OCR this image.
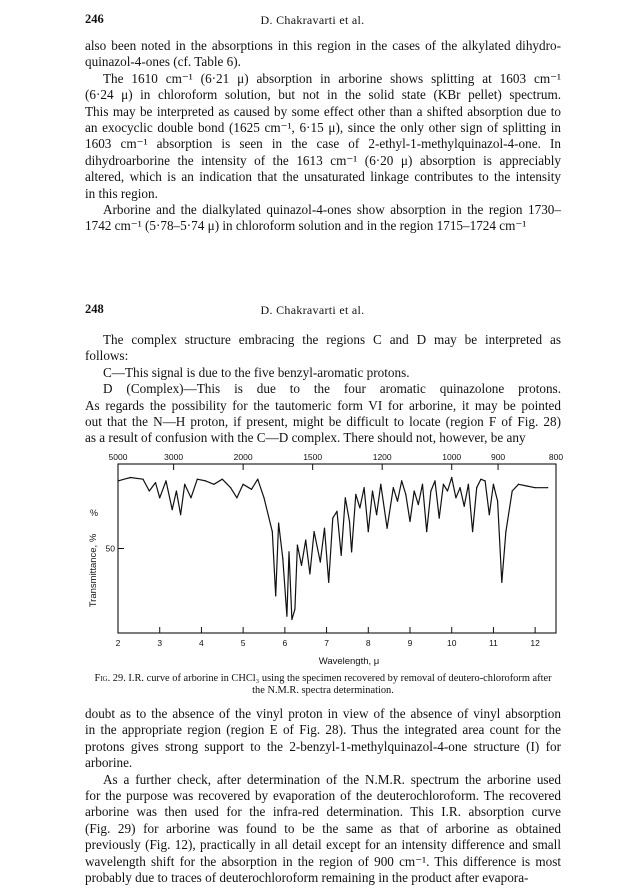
246	D. Chakravarti et al.

also been noted in the absorptions in this region in the cases of the alkylated dihydro-

quinazol-4-ones (cf. Table 6).

The 1610 cm⁻¹ (6·21 μ) absorption in arborine shows splitting at 1603 cm⁻¹

(6·24 μ) in chloroform solution, but not in the solid state (KBr pellet) spectrum.

This may be interpreted as caused by some effect other than a shifted absorption due to

an exocyclic double bond (1625 cm⁻¹, 6·15 μ), since the only other sign of splitting in

1603 cm⁻¹ absorption is seen in the case of 2-ethyl-1-methylquinazol-4-one. In

dihydroarborine the intensity of the 1613 cm⁻¹ (6·20 μ) absorption is appreciably

altered, which is an indication that the unsaturated linkage contributes to the intensity

in this region.

Arborine and the dialkylated quinazol-4-ones show absorption in the region 1730–

1742 cm⁻¹ (5·78–5·74 μ) in chloroform solution and in the region 1715–1724 cm⁻¹

248	D. Chakravarti et al.

The complex structure embracing the regions C and D may be interpreted as

follows:

C—This signal is due to the five benzyl-aromatic protons.

D (Complex)—This is due to the four aromatic quinazolone protons.

As regards the possibility for the tautomeric form VI for arborine, it may be pointed

out that the N—H proton, if present, might be difficult to locate (region F of Fig. 28)

as a result of confusion with the C—D complex. There should not, however, be any

5000	3000	2000	1500	1200	1000	900	800
2	3	4	5	6	7	8	9	10	11	12
50
%
Transmittance, %
Wavelength, μ
Fig. 29. I.R. curve of arborine in CHCl₃ using the specimen recovered by removal of deutero-chloroform after the N.M.R. spectra determination.

doubt as to the absence of the vinyl proton in view of the absence of vinyl absorption

in the appropriate region (region E of Fig. 28). Thus the integrated area count for the

protons gives strong support to the 2-benzyl-1-methylquinazol-4-one structure (I) for

arborine.

As a further check, after determination of the N.M.R. spectrum the arborine used

for the purpose was recovered by evaporation of the deuterochloroform. The recovered

arborine was then used for the infra-red determination. This I.R. absorption curve

(Fig. 29) for arborine was found to be the same as that of arborine as obtained

previously (Fig. 12), practically in all detail except for an intensity difference and small

wavelength shift for the absorption in the region of 900 cm⁻¹. This difference is most

probably due to traces of deuterochloroform remaining in the product after evapora-
